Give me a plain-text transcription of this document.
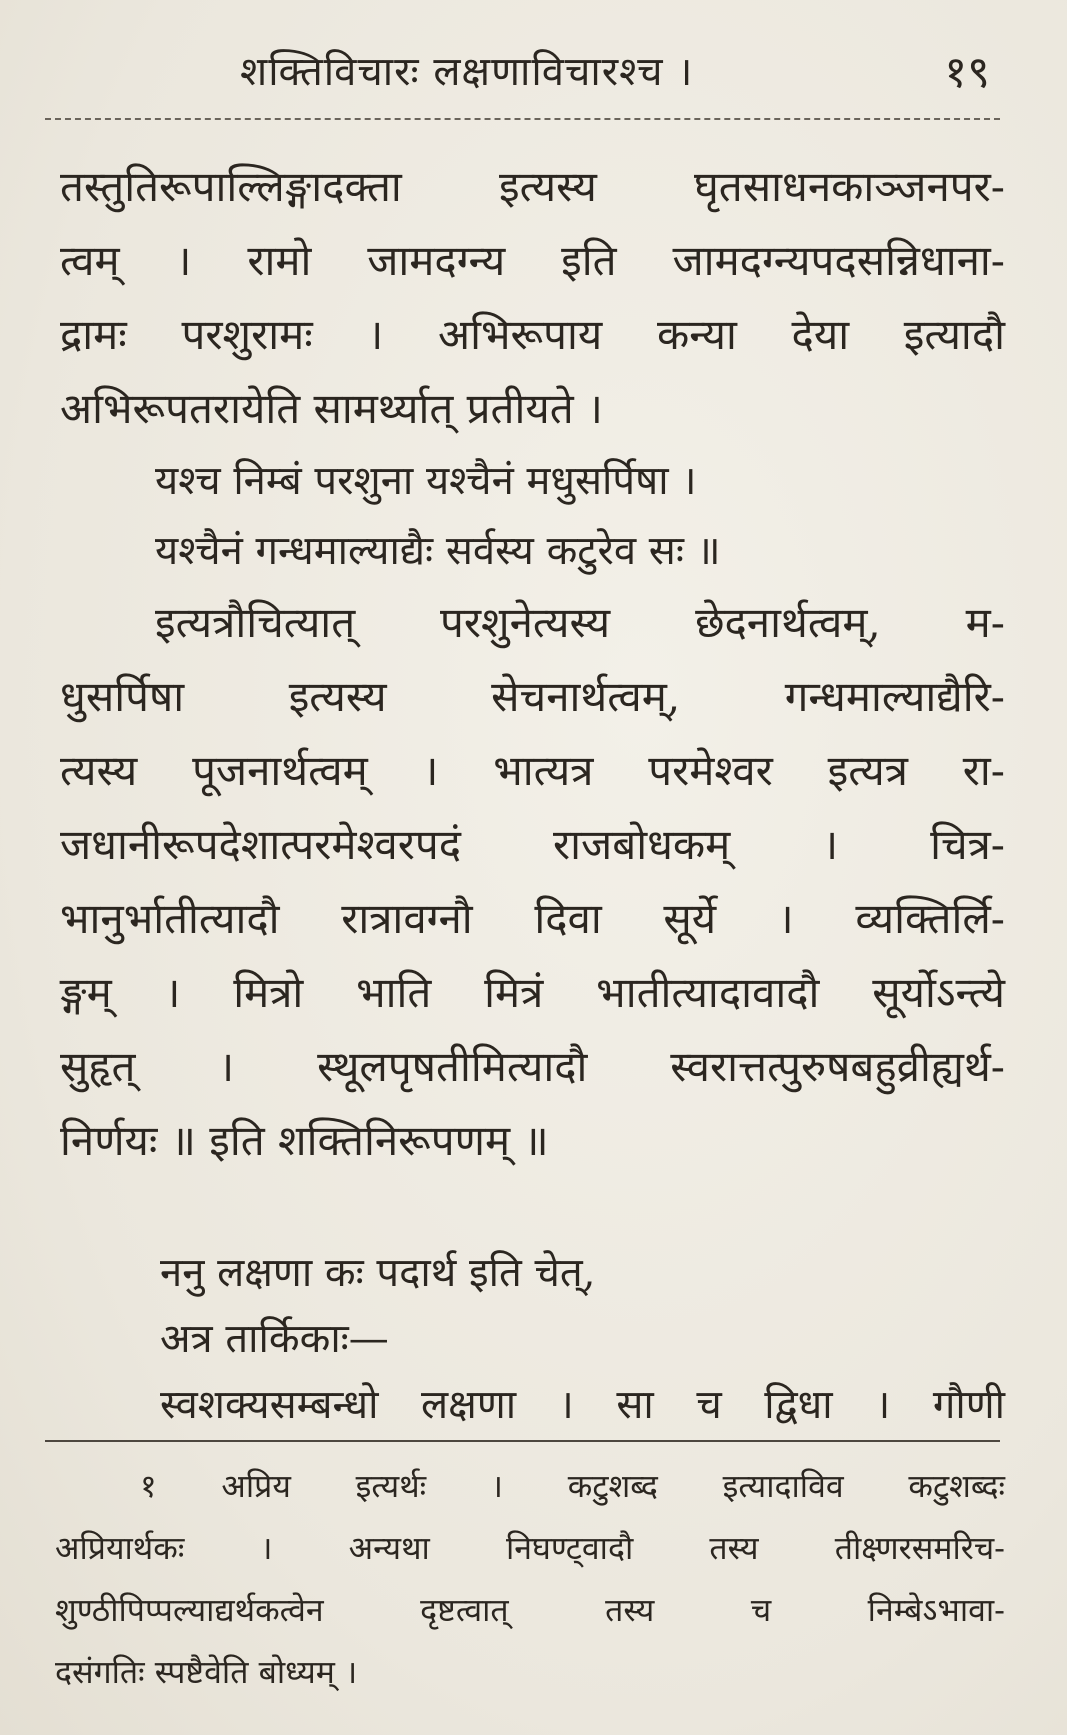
शक्तिविचारः लक्षणाविचारश्च ।	१९
तस्तुतिरूपाल्लिङ्गादक्ता इत्यस्य घृतसाधनकाञ्जनपर-
त्वम् । रामो जामदग्न्य इति जामदग्न्यपदसन्निधाना-
द्रामः परशुरामः । अभिरूपाय कन्या देया इत्यादौ
अभिरूपतरायेति सामर्थ्यात् प्रतीयते ।
यश्च निम्बं परशुना यश्चैनं मधुसर्पिषा ।
यश्चैनं गन्धमाल्याद्यैः सर्वस्य कटुरेव सः ॥
इत्यत्रौचित्यात् परशुनेत्यस्य छेदनार्थत्वम्, म-
धुसर्पिषा इत्यस्य सेचनार्थत्वम्, गन्धमाल्याद्यैरि-
त्यस्य पूजनार्थत्वम् । भात्यत्र परमेश्वर इत्यत्र रा-
जधानीरूपदेशात्परमेश्वरपदं राजबोधकम् । चित्र-
भानुर्भातीत्यादौ रात्रावग्नौ दिवा सूर्ये । व्यक्तिर्लि-
ङ्गम् । मित्रो भाति मित्रं भातीत्यादावादौ सूर्योऽन्त्ये
सुहृत् । स्थूलपृषतीमित्यादौ स्वरात्तत्पुरुषबहुव्रीह्यर्थ-
निर्णयः ॥ इति शक्तिनिरूपणम् ॥
ननु लक्षणा कः पदार्थ इति चेत्,
अत्र तार्किकाः—
स्वशक्यसम्बन्धो लक्षणा । सा च द्विधा । गौणी
१ अप्रिय इत्यर्थः । कटुशब्द इत्यादाविव कटुशब्दः
अप्रियार्थकः । अन्यथा निघण्ट्वादौ तस्य तीक्ष्णरसमरिच-
शुण्ठीपिप्पल्याद्यर्थकत्वेन दृष्टत्वात् तस्य च निम्बेऽभावा-
दसंगतिः स्पष्टैवेति बोध्यम् ।
